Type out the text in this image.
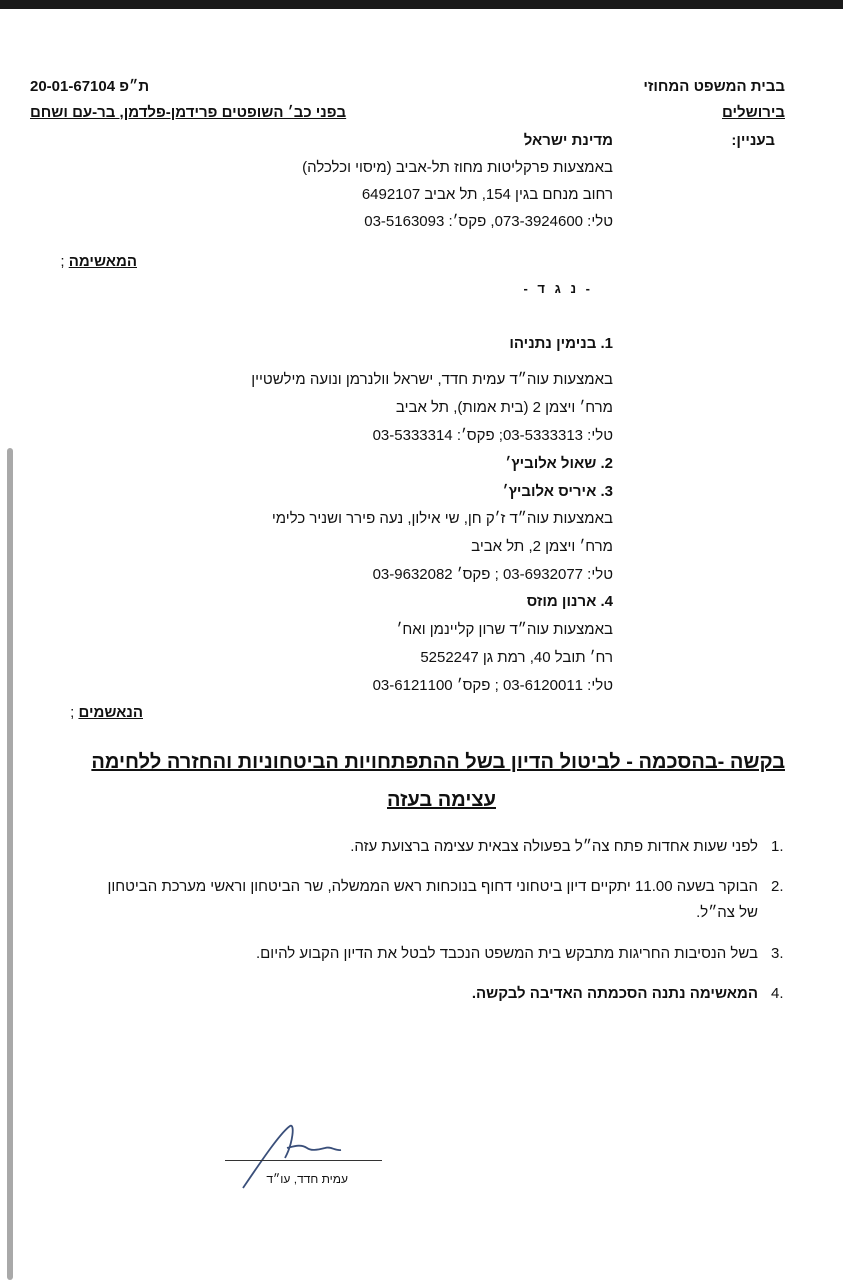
בבית המשפט המחוזי
בירושלים
ת״פ 20-01-67104
בפני כב׳ השופטים פרידמן-פלדמן, בר-עם ושחם
בעניין:
מדינת ישראל
באמצעות פרקליטות מחוז תל-אביב (מיסוי וכלכלה)
רחוב מנחם בגין 154, תל אביב 6492107
טלי: 073-3924600, פקס׳: 03-5163093
המאשימה ;
- נ ג ד -
1. בנימין נתניהו
באמצעות עוה״ד עמית חדד, ישראל וולנרמן ונועה מילשטיין
מרח׳ ויצמן 2 (בית אמות), תל אביב
טלי: 03-5333313; פקס׳: 03-5333314
2. שאול אלוביץ׳
3. איריס אלוביץ׳
באמצעות עוה״ד ז׳ק חן, שי אילון, נעה פירר ושניר כלימי
מרח׳ ויצמן 2, תל אביב
טלי: 03-6932077 ; פקס׳ 03-9632082
4. ארנון מוזס
באמצעות עוה״ד שרון קליינמן ואח׳
רח׳ תובל 40, רמת גן 5252247
טלי: 03-6120011 ; פקס׳ 03-6121100
הנאשמים ;
בקשה -בהסכמה - לביטול הדיון בשל ההתפתחויות הביטחוניות והחזרה ללחימה
עצימה בעזה
1.
לפני שעות אחדות פתח צה״ל בפעולה צבאית עצימה ברצועת עזה.
2.
הבוקר בשעה 11.00 יתקיים דיון ביטחוני דחוף בנוכחות ראש הממשלה, שר הביטחון וראשי מערכת הביטחון
של צה״ל.
3.
בשל הנסיבות החריגות מתבקש בית המשפט הנכבד לבטל את הדיון הקבוע להיום.
4.
המאשימה נתנה הסכמתה האדיבה לבקשה.
עמית חדד, עו״ד
